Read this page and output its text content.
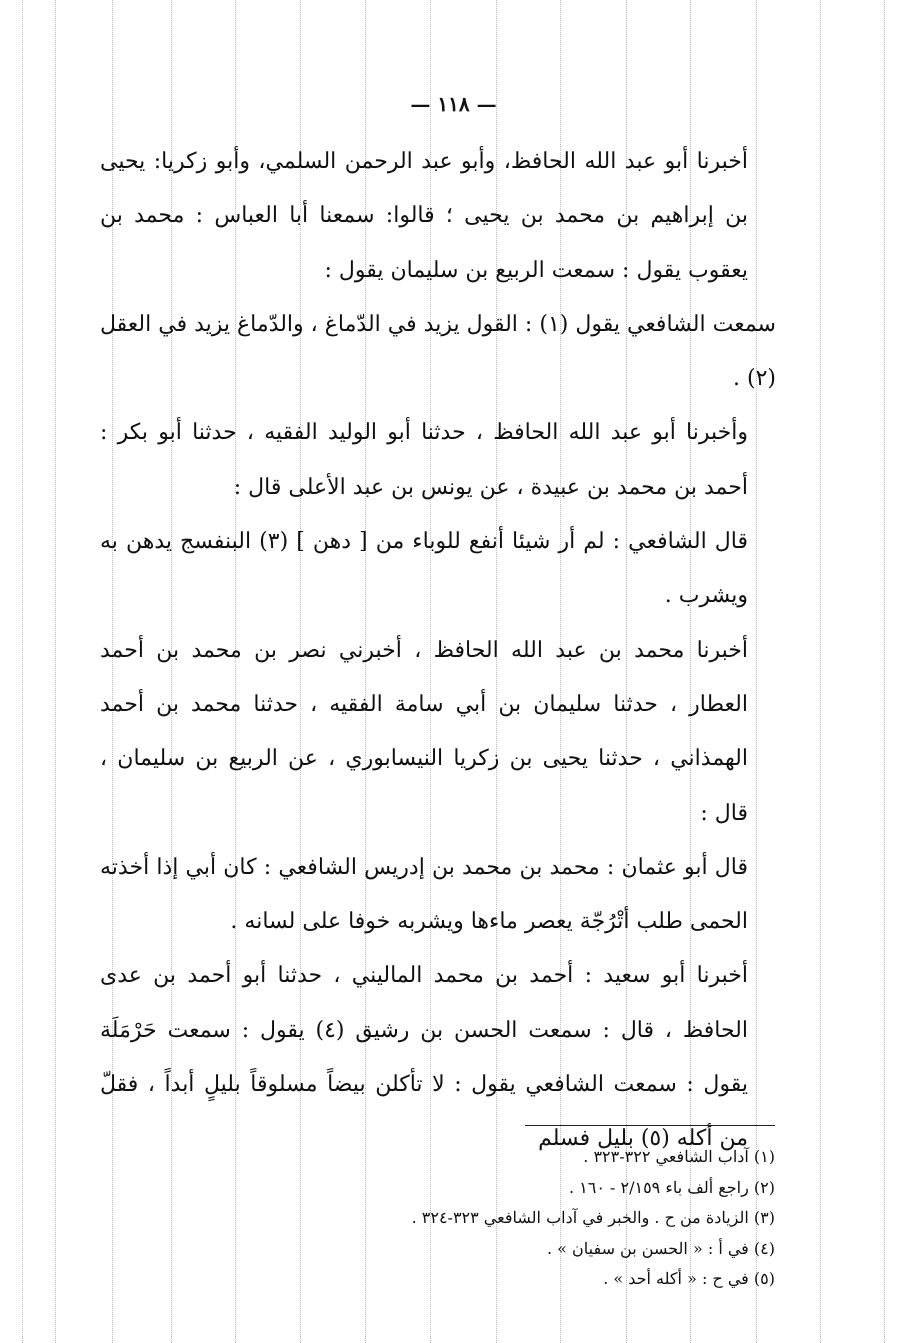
— ١١٨ —

أخبرنا أبو عبد الله الحافظ، وأبو عبد الرحمن السلمي، وأبو زكريا: يحيى بن إبراهيم بن محمد بن يحيى ؛ قالوا: سمعنا أبا العباس : محمد بن يعقوب يقول : سمعت الربيع بن سليمان يقول :

سمعت الشافعي يقول (١) : القول يزيد في الدّماغ ، والدّماغ يزيد في العقل (٢) .

وأخبرنا أبو عبد الله الحافظ ، حدثنا أبو الوليد الفقيه ، حدثنا أبو بكر : أحمد بن محمد بن عبيدة ، عن يونس بن عبد الأعلى قال :

قال الشافعي : لم أر شيئا أنفع للوباء من [ دهن ] (٣) البنفسج يدهن به ويشرب .

أخبرنا محمد بن عبد الله الحافظ ، أخبرني نصر بن محمد بن أحمد العطار ، حدثنا سليمان بن أبي سامة الفقيه ، حدثنا محمد بن أحمد الهمذاني ، حدثنا يحيى بن زكريا النيسابوري ، عن الربيع بن سليمان ، قال :

قال أبو عثمان : محمد بن محمد بن إدريس الشافعي : كان أبي إذا أخذته الحمى طلب أتْرُجّة يعصر ماءها ويشربه خوفا على لسانه .

أخبرنا أبو سعيد : أحمد بن محمد الماليني ، حدثنا أبو أحمد بن عدى الحافظ ، قال : سمعت الحسن بن رشيق (٤) يقول : سمعت حَرْمَلَة يقول : سمعت الشافعي يقول : لا تأكلن بيضاً مسلوقاً بليلٍ أبداً ، فقلّ من أكله (٥) بليل فسلم

(١) آداب الشافعي ٣٢٢-٣٢٣ .
(٢) راجع ألف باء ٢/١٥٩ - ١٦٠ .
(٣) الزيادة من ح . والخبر في آداب الشافعي ٣٢٣-٣٢٤ .
(٤) في أ : « الحسن بن سفيان » .
(٥) في ح : « أكله أحد » .
